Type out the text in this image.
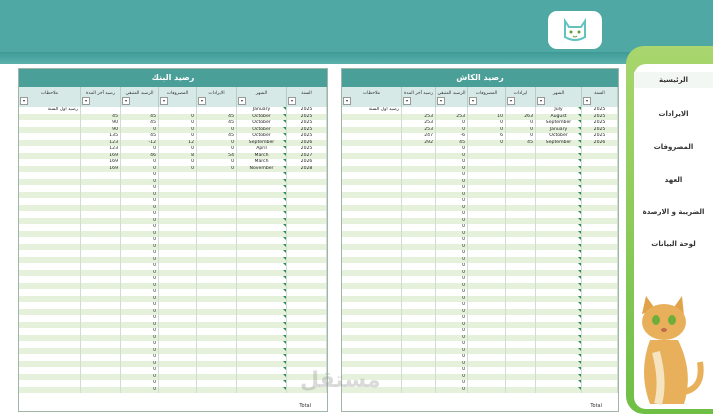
الرئيسية
الايرادات
المصروفات
العهد
الضريبة و الارصدة
لوحة البيانات
رصيد البنك
السنة
▾
الشهر
▾
الايرادات
▾
المصروفات
▾
الرصيد المتبقي
▾
رصيد آخر المدة
▾
ملاحظات
▾
2025
January
رصيد اول السنة
2025
October
45
0
45
45
2025
October
45
0
45
90
2025
October
0
0
0
90
2025
October
45
0
45
135
2026
September
0
12
-12
123
2025
April
0
0
0
123
2027
March
54
8
46
169
2026
March
0
0
0
169
2028
November
0
0
0
169
0
0
0
0
0
0
0
0
0
0
0
0
0
0
0
0
0
0
0
0
0
0
0
0
0
0
0
0
0
0
0
0
0
0
Total
رصيد الكاش
السنة
▾
الشهر
▾
ايرادات
▾
المصروفات
▾
الرصيد المتبقي
▾
رصيد آخر المدة
▾
ملاحظات
▾
2025
July
رصيد اول السنة
2025
August
263
10
253
253
2025
September
0
0
0
253
2025
January
0
0
0
253
2025
October
0
6
-6
247
2026
September
45
0
45
292
0
0
0
0
0
0
0
0
0
0
0
0
0
0
0
0
0
0
0
0
0
0
0
0
0
0
0
0
0
0
0
0
0
0
0
0
0
0
Total
مستقل
